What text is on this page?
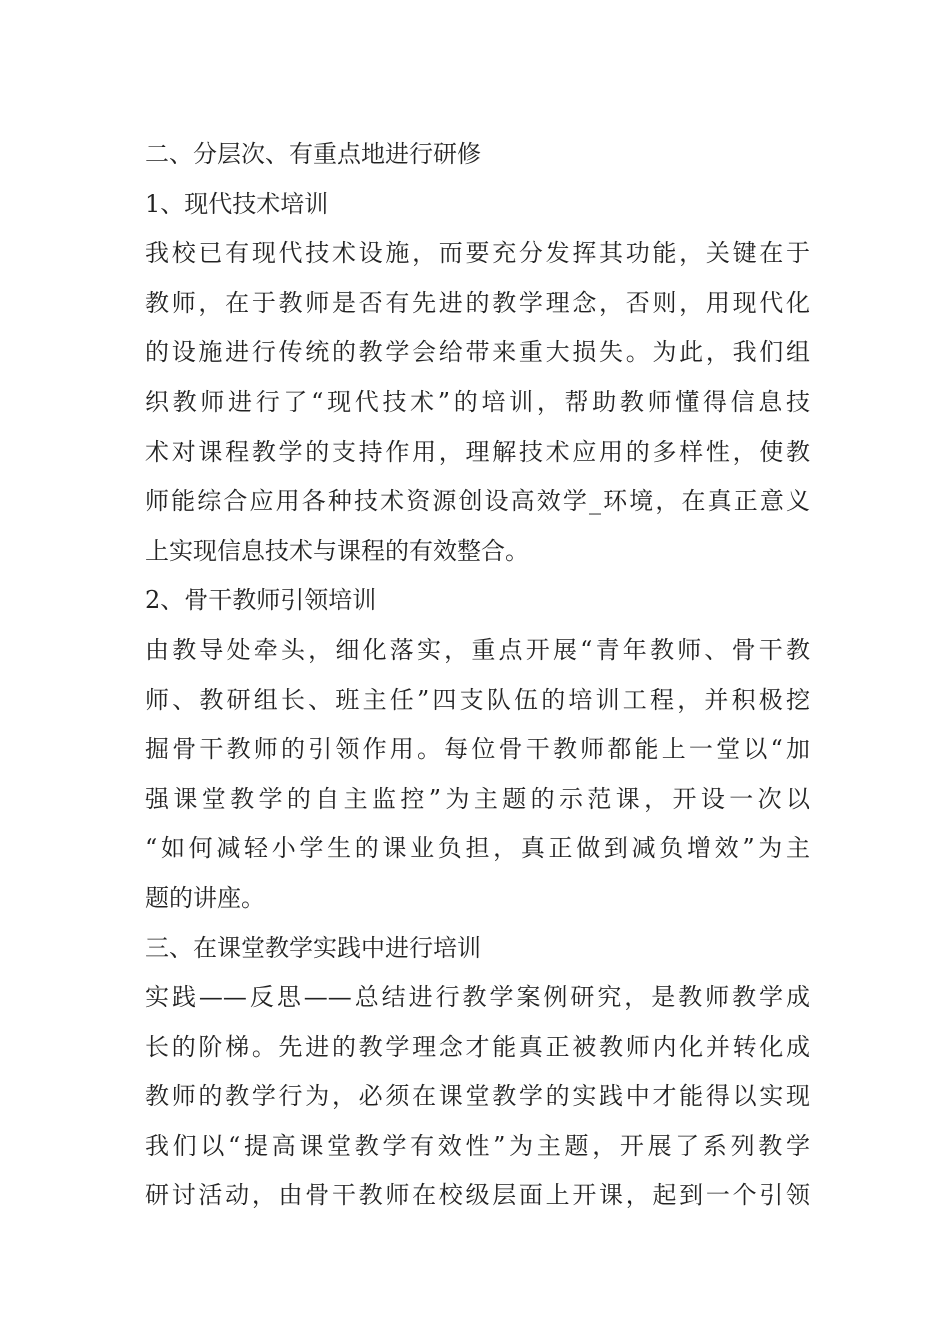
二、分层次、有重点地进行研修
1、现代技术培训
我校已有现代技术设施，而要充分发挥其功能，关键在于
教师，在于教师是否有先进的教学理念，否则，用现代化
的设施进行传统的教学会给带来重大损失。为此，我们组
织教师进行了“现代技术”的培训，帮助教师懂得信息技
术对课程教学的支持作用，理解技术应用的多样性，使教
师能综合应用各种技术资源创设高效学_环境，在真正意义
上实现信息技术与课程的有效整合。
2、骨干教师引领培训
由教导处牵头，细化落实，重点开展“青年教师、骨干教
师、教研组长、班主任”四支队伍的培训工程，并积极挖
掘骨干教师的引领作用。每位骨干教师都能上一堂以“加
强课堂教学的自主监控”为主题的示范课，开设一次以
“如何减轻小学生的课业负担，真正做到减负增效”为主
题的讲座。
三、在课堂教学实践中进行培训
实践——反思——总结进行教学案例研究，是教师教学成
长的阶梯。先进的教学理念才能真正被教师内化并转化成
教师的教学行为，必须在课堂教学的实践中才能得以实现
我们以“提高课堂教学有效性”为主题，开展了系列教学
研讨活动，由骨干教师在校级层面上开课，起到一个引领
